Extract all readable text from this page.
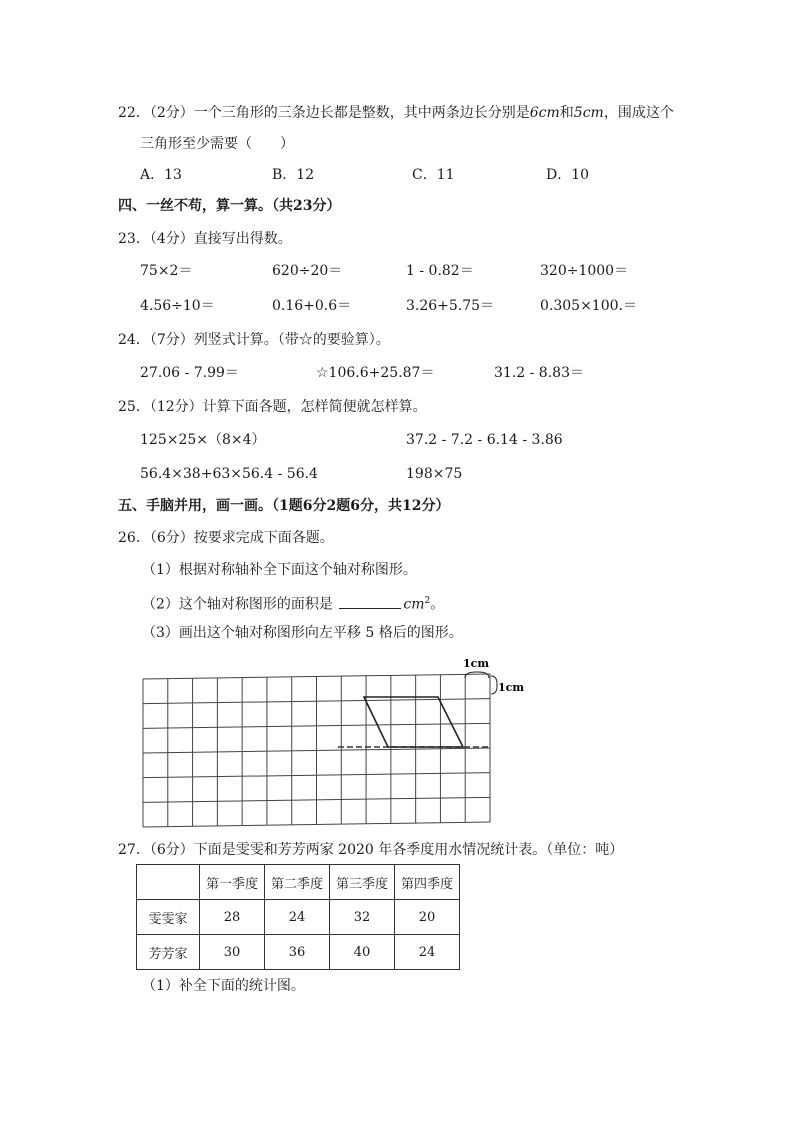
22．（2分）一个三角形的三条边长都是整数，其中两条边长分别是6cm和5cm，围成这个
三角形至少需要（　　）
A．13	B．12	C．11	D．10
四、一丝不苟，算一算。（共23分）
23．（4分）直接写出得数。
75×2＝	620÷20＝	1 - 0.82＝	320÷1000＝
4.56÷10＝	0.16+0.6＝	3.26+5.75＝	0.305×100.＝
24．（7分）列竖式计算。（带☆的要验算）。
27.06 - 7.99＝	☆106.6+25.87＝	31.2 - 8.83＝
25．（12分）计算下面各题，怎样简便就怎样算。
125×25×（8×4）	37.2 - 7.2 - 6.14 - 3.86
56.4×38+63×56.4 - 56.4	198×75
五、手脑并用，画一画。（1题6分2题6分，共12分）
26．（6分）按要求完成下面各题。
（1）根据对称轴补全下面这个轴对称图形。
（2）这个轴对称图形的面积是	$cm^2$。
（3）画出这个轴对称图形向左平移 5 格后的图形。
1cm
1cm
27．（6分）下面是雯雯和芳芳两家 2020 年各季度用水情况统计表。（单位：吨）
	第一季度	第二季度	第三季度	第四季度
雯雯家	28	24	32	20
芳芳家	30	36	40	24
（1）补全下面的统计图。
